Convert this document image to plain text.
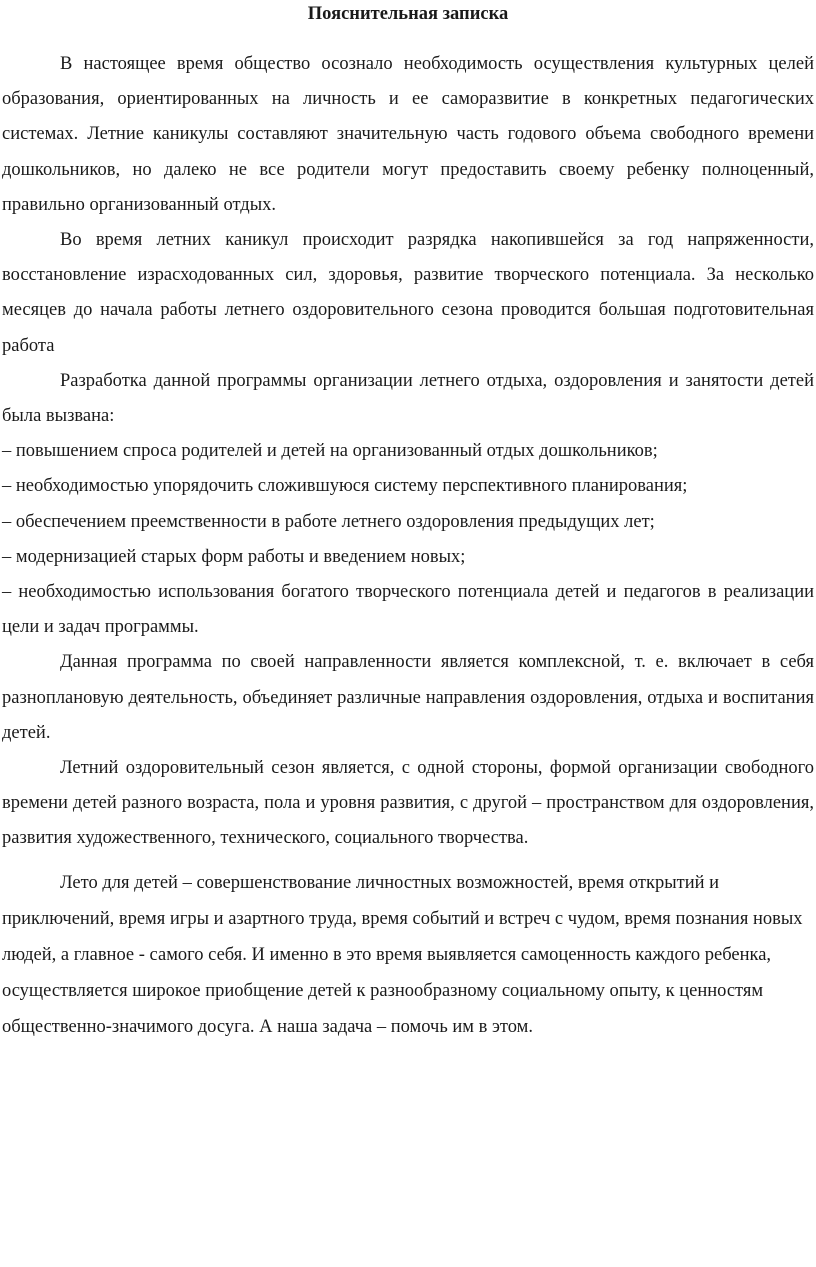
Пояснительная записка

В настоящее время общество осознало необходимость осуществления культурных целей образования, ориентированных на личность и ее саморазвитие в конкретных педагогических системах. Летние каникулы составляют значительную часть годового объема свободного времени дошкольников, но далеко не все родители могут предоставить своему ребенку полноценный, правильно организованный отдых.

Во время летних каникул происходит разрядка накопившейся за год напряженности, восстановление израсходованных сил, здоровья, развитие творческого потенциала. За несколько месяцев до начала работы летнего оздоровительного сезона проводится большая подготовительная работа

Разработка данной программы организации летнего отдыха, оздоровления и занятости детей была вызвана:

– повышением спроса родителей и детей на организованный отдых дошкольников;

– необходимостью упорядочить сложившуюся систему перспективного планирования;

– обеспечением преемственности в работе летнего оздоровления предыдущих лет;

– модернизацией старых форм работы и введением новых;

– необходимостью использования богатого творческого потенциала детей и педагогов в реализации цели и задач программы.

Данная программа по своей направленности является комплексной, т. е. включает в себя разноплановую деятельность, объединяет различные направления оздоровления, отдыха и воспитания детей.

Летний оздоровительный сезон является, с одной стороны, формой организации свободного времени детей разного возраста, пола и уровня развития, с другой – пространством для оздоровления, развития художественного, технического, социального творчества.

Лето для детей – совершенствование личностных возможностей, время открытий и приключений, время игры и азартного труда, время событий и встреч с чудом, время познания новых людей, а главное - самого себя. И именно в это время выявляется самоценность каждого ребенка, осуществляется широкое приобщение детей к разнообразному социальному опыту, к ценностям общественно-значимого досуга. А наша задача – помочь им в этом.
